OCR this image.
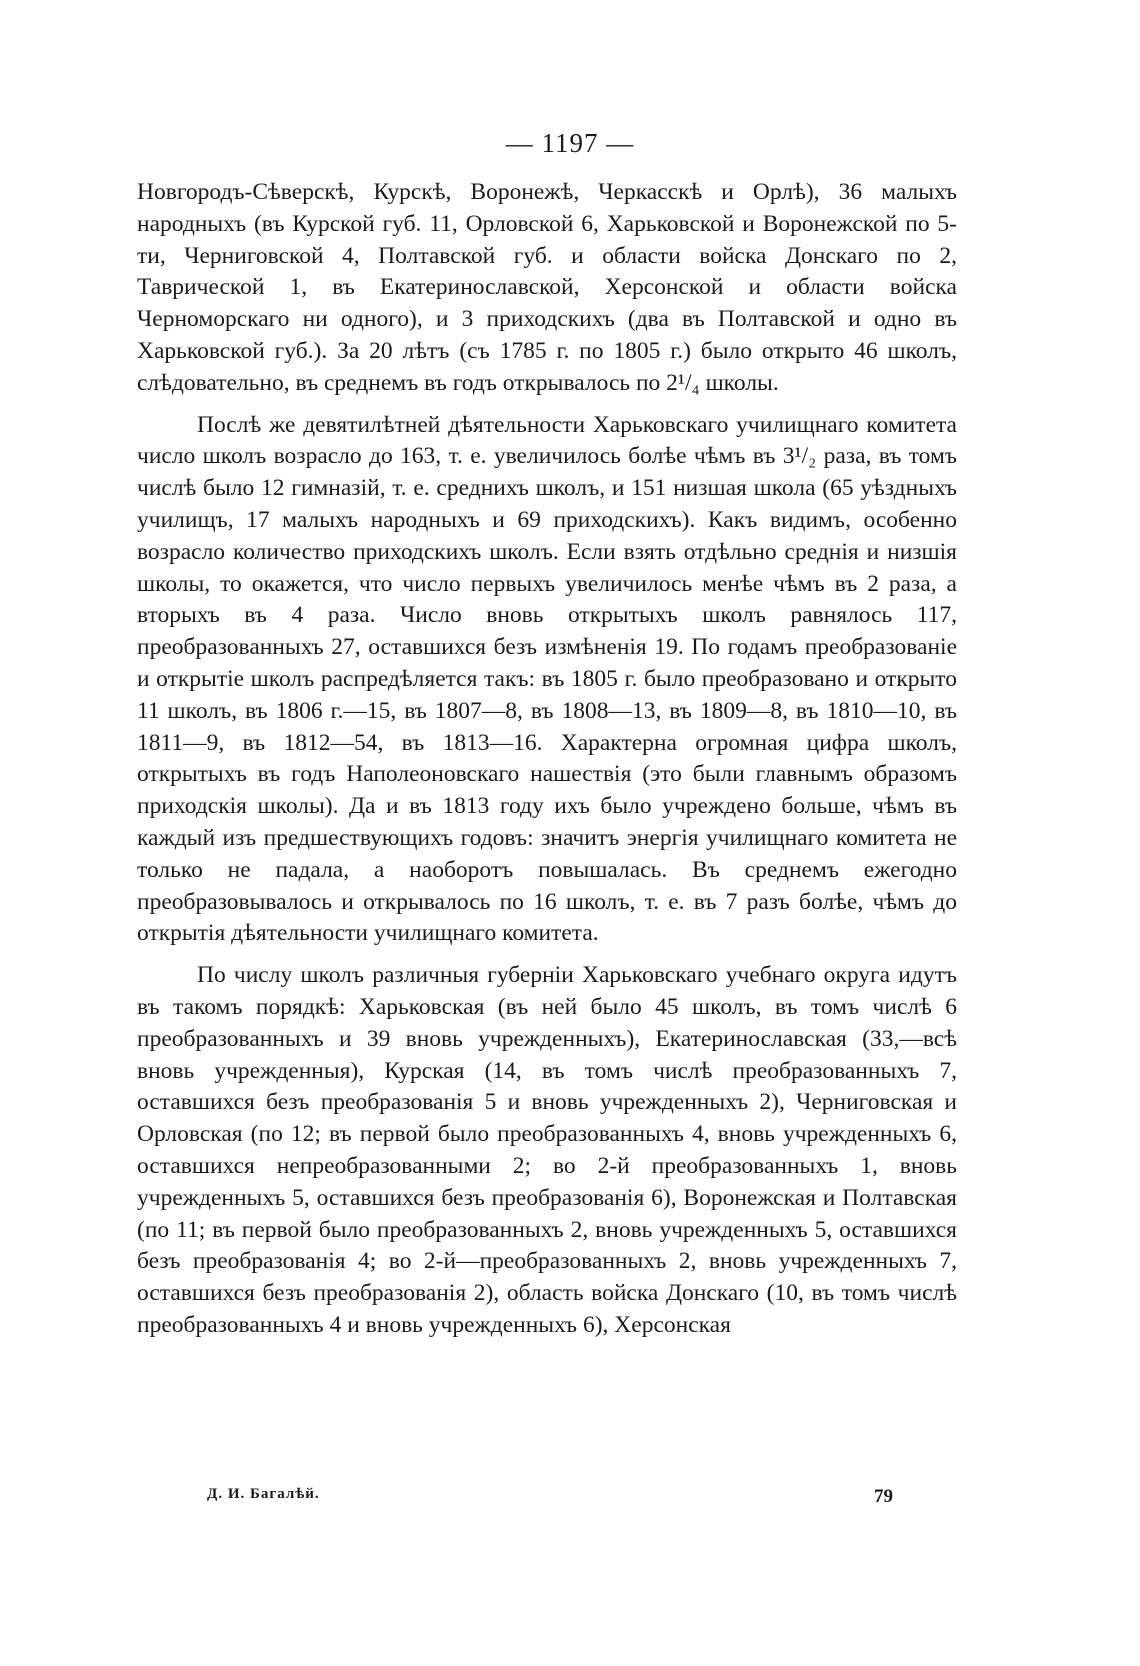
— 1197 —

Новгородъ-Сѣверскѣ, Курскѣ, Воронежѣ, Черкасскѣ и Орлѣ), 36 малыхъ народныхъ (въ Курской губ. 11, Орловской 6, Харьковской и Воронежской по 5-ти, Черниговской 4, Полтавской губ. и области войска Донскаго по 2, Таврической 1, въ Екатеринославской, Херсонской и области войска Черноморскаго ни одного), и 3 приходскихъ (два въ Полтавской и одно въ Харьковской губ.). За 20 лѣтъ (съ 1785 г. по 1805 г.) было открыто 46 школъ, слѣдовательно, въ среднемъ въ годъ открывалось по 2¹/₄ школы.

Послѣ же девятилѣтней дѣятельности Харьковскаго училищнаго комитета число школъ возрасло до 163, т. е. увеличилось болѣе чѣмъ въ 3¹/₂ раза, въ томъ числѣ было 12 гимназій, т. е. среднихъ школъ, и 151 низшая школа (65 уѣздныхъ училищъ, 17 малыхъ народныхъ и 69 приходскихъ). Какъ видимъ, особенно возрасло количество приходскихъ школъ. Если взять отдѣльно среднія и низшія школы, то окажется, что число первыхъ увеличилось менѣе чѣмъ въ 2 раза, а вторыхъ въ 4 раза. Число вновь открытыхъ школъ равнялось 117, преобразованныхъ 27, оставшихся безъ измѣненія 19. По годамъ преобразованіе и открытіе школъ распредѣляется такъ: въ 1805 г. было преобразовано и открыто 11 школъ, въ 1806 г.—15, въ 1807—8, въ 1808—13, въ 1809—8, въ 1810—10, въ 1811—9, въ 1812—54, въ 1813—16. Характерна огромная цифра школъ, открытыхъ въ годъ Наполеоновскаго нашествія (это были главнымъ образомъ приходскія школы). Да и въ 1813 году ихъ было учреждено больше, чѣмъ въ каждый изъ предшествующихъ годовъ: значитъ энергія училищнаго комитета не только не падала, а наоборотъ повышалась. Въ среднемъ ежегодно преобразовывалось и открывалось по 16 школъ, т. е. въ 7 разъ болѣе, чѣмъ до открытія дѣятельности училищнаго комитета.

По числу школъ различныя губерніи Харьковскаго учебнаго округа идутъ въ такомъ порядкѣ: Харьковская (въ ней было 45 школъ, въ томъ числѣ 6 преобразованныхъ и 39 вновь учрежденныхъ), Екатеринославская (33,—всѣ вновь учрежденныя), Курская (14, въ томъ числѣ преобразованныхъ 7, оставшихся безъ преобразованія 5 и вновь учрежденныхъ 2), Черниговская и Орловская (по 12; въ первой было преобразованныхъ 4, вновь учрежденныхъ 6, оставшихся непреобразованными 2; во 2-й преобразованныхъ 1, вновь учрежденныхъ 5, оставшихся безъ преобразованія 6), Воронежская и Полтавская (по 11; въ первой было преобразованныхъ 2, вновь учрежденныхъ 5, оставшихся безъ преобразованія 4; во 2-й—преобразованныхъ 2, вновь учрежденныхъ 7, оставшихся безъ преобразованія 2), область войска Донскаго (10, въ томъ числѣ преобразованныхъ 4 и вновь учрежденныхъ 6), Херсонская

Д. И. Багалѣй.	79
